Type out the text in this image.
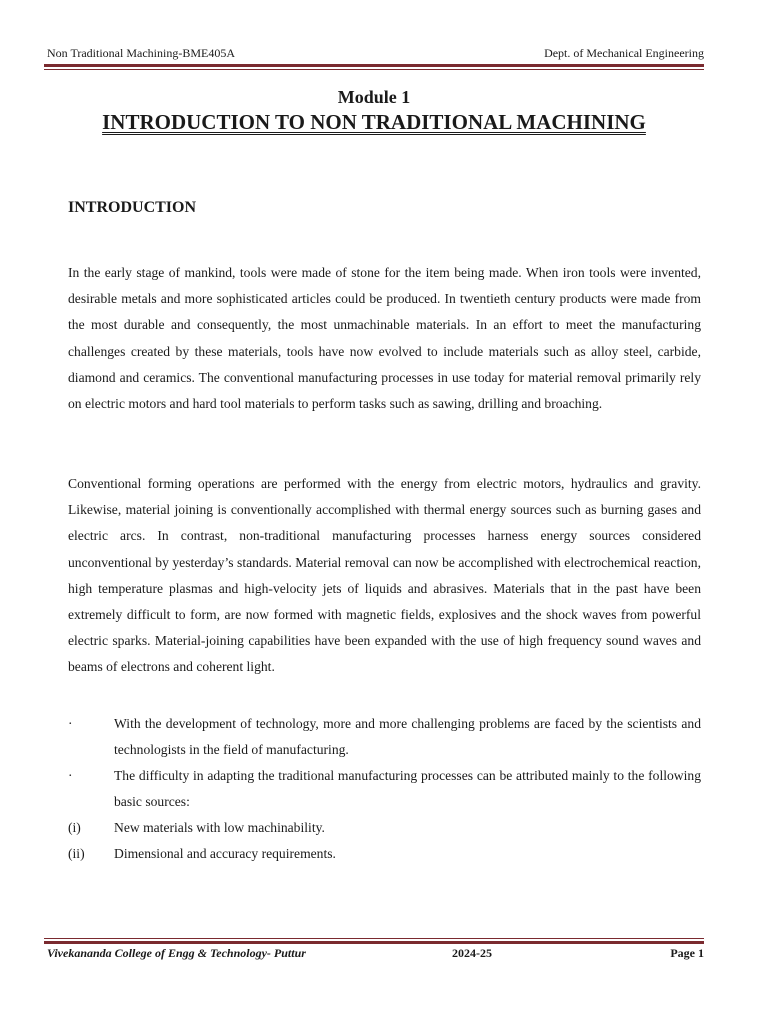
Non Traditional Machining-BME405A	Dept. of Mechanical Engineering
Module 1
INTRODUCTION TO NON TRADITIONAL MACHINING
INTRODUCTION

In the early stage of mankind, tools were made of stone for the item being made. When iron tools were invented, desirable metals and more sophisticated articles could be produced. In twentieth century products were made from the most durable and consequently, the most unmachinable materials. In an effort to meet the manufacturing challenges created by these materials, tools have now evolved to include materials such as alloy steel, carbide, diamond and ceramics. The conventional manufacturing processes in use today for material removal primarily rely on electric motors and hard tool materials to perform tasks such as sawing, drilling and broaching.

Conventional forming operations are performed with the energy from electric motors, hydraulics and gravity. Likewise, material joining is conventionally accomplished with thermal energy sources such as burning gases and electric arcs. In contrast, non-traditional manufacturing processes harness energy sources considered unconventional by yesterday’s standards. Material removal can now be accomplished with electrochemical reaction, high temperature plasmas and high-velocity jets of liquids and abrasives. Materials that in the past have been extremely difficult to form, are now formed with magnetic fields, explosives and the shock waves from powerful electric sparks. Material-joining capabilities have been expanded with the use of high frequency sound waves and beams of electrons and coherent light.

·	With the development of technology, more and more challenging problems are faced by the scientists and technologists in the field of manufacturing.
·	The difficulty in adapting the traditional manufacturing processes can be attributed mainly to the following basic sources:
(i)	New materials with low machinability.
(ii)	Dimensional and accuracy requirements.
Vivekananda College of Engg & Technology- Puttur	2024-25	Page 1
